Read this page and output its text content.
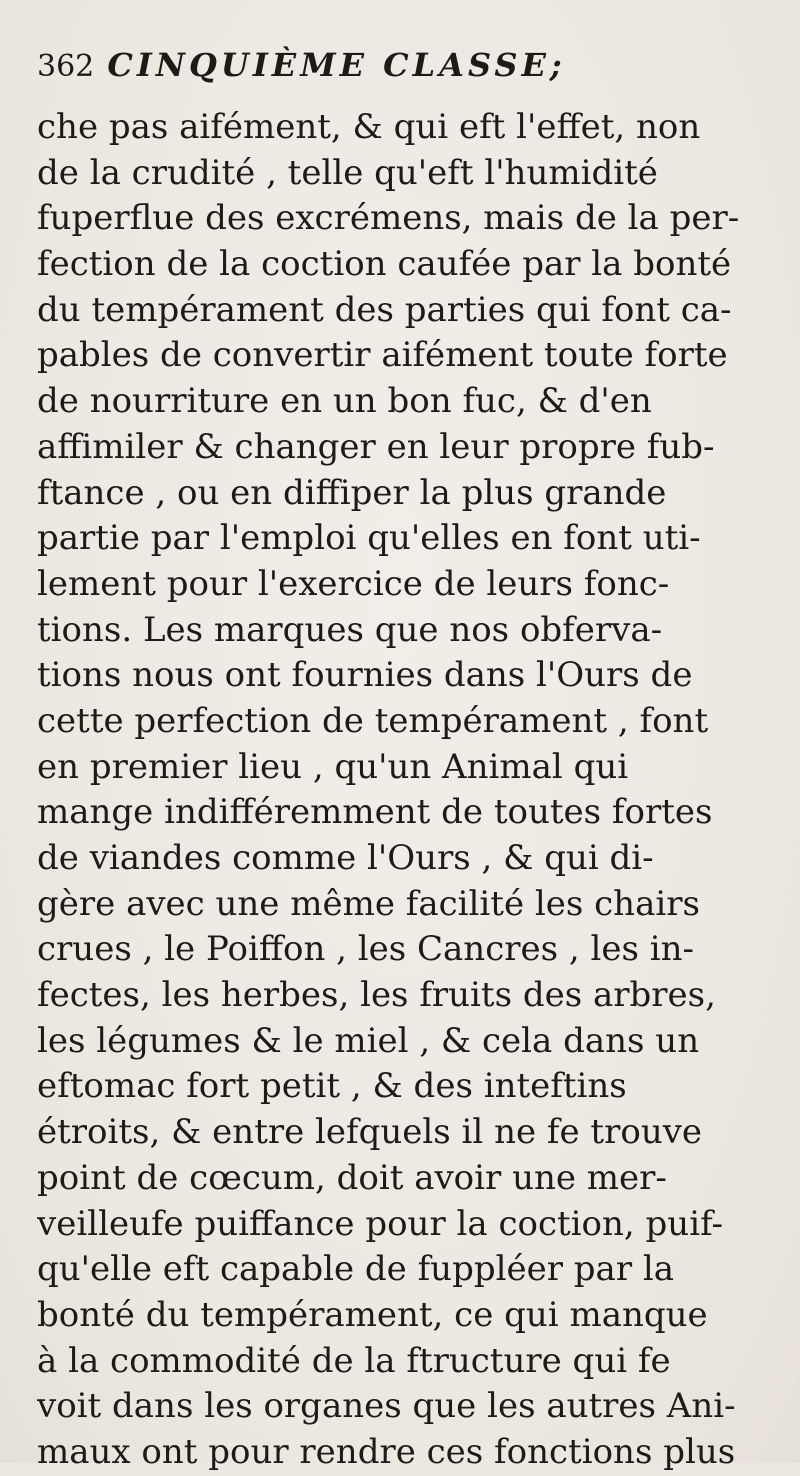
362 CINQUIÈME CLASSE;
che pas aifément, & qui eft l'effet, non
de la crudité , telle qu'eft l'humidité
fuperflue des excrémens, mais de la per-
fection de la coction caufée par la bonté
du tempérament des parties qui font ca-
pables de convertir aifément toute forte
de nourriture en un bon fuc, & d'en
affimiler & changer en leur propre fub-
ftance , ou en diffiper la plus grande
partie par l'emploi qu'elles en font uti-
lement pour l'exercice de leurs fonc-
tions. Les marques que nos obferva-
tions nous ont fournies dans l'Ours de
cette perfection de tempérament , font
en premier lieu , qu'un Animal qui
mange indifféremment de toutes fortes
de viandes comme l'Ours , & qui di-
gère avec une même facilité les chairs
crues , le Poiffon , les Cancres , les in-
fectes, les herbes, les fruits des arbres,
les légumes & le miel , & cela dans un
eftomac fort petit , & des inteftins
étroits, & entre lefquels il ne fe trouve
point de cœcum, doit avoir une mer-
veilleufe puiffance pour la coction, puif-
qu'elle eft capable de fuppléer par la
bonté du tempérament, ce qui manque
à la commodité de la ftructure qui fe
voit dans les organes que les autres Ani-
maux ont pour rendre ces fonctions plus
